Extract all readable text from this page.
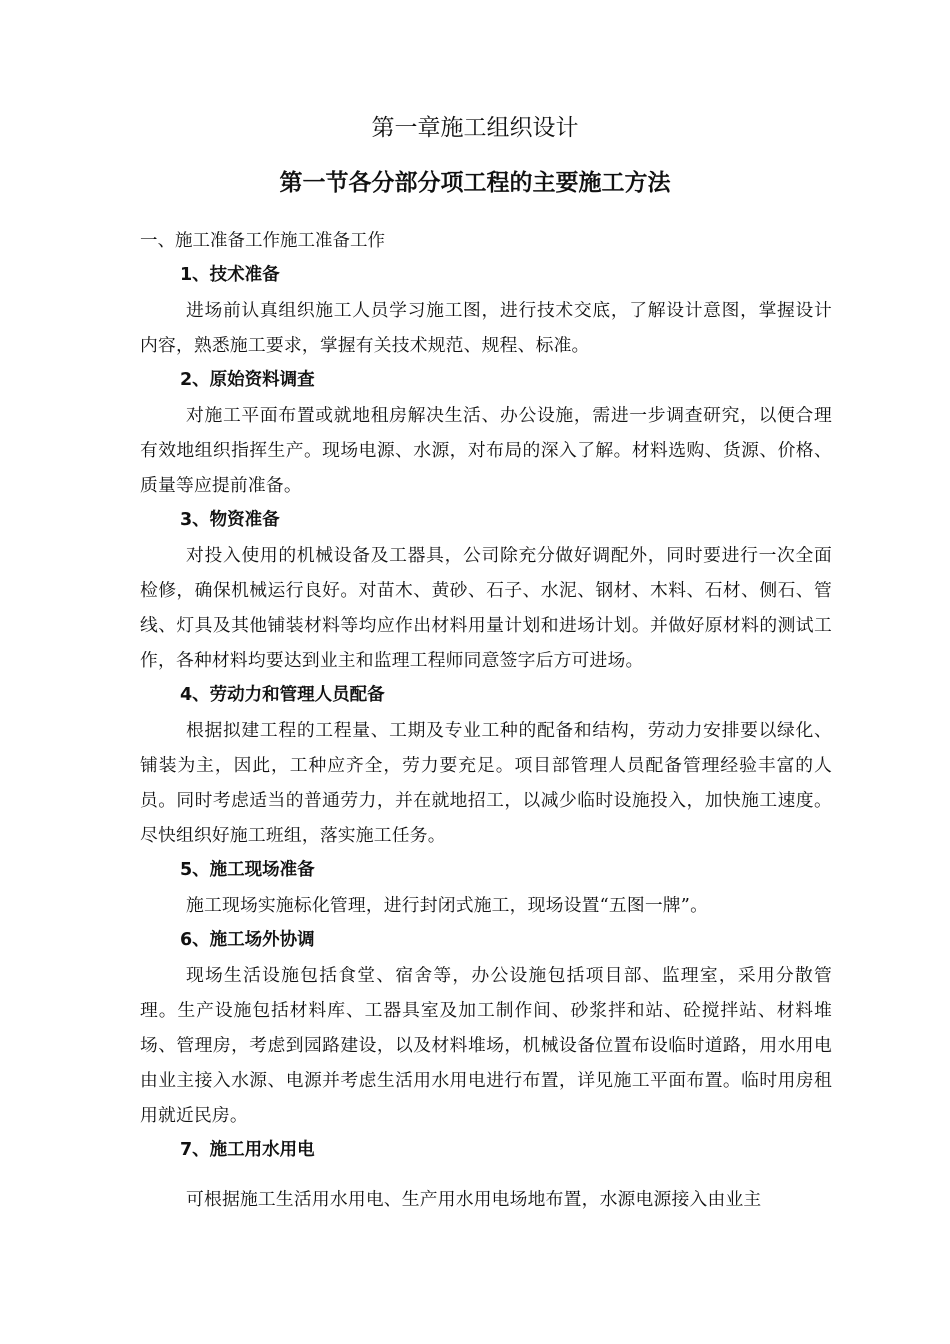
第一章施工组织设计
第一节各分部分项工程的主要施工方法

一、施工准备工作施工准备工作

1、技术准备

进场前认真组织施工人员学习施工图，进行技术交底，了解设计意图，掌握设计内容，熟悉施工要求，掌握有关技术规范、规程、标准。

2、原始资料调查

对施工平面布置或就地租房解决生活、办公设施，需进一步调查研究，以便合理有效地组织指挥生产。现场电源、水源，对布局的深入了解。材料选购、货源、价格、质量等应提前准备。

3、物资准备

对投入使用的机械设备及工器具，公司除充分做好调配外，同时要进行一次全面检修，确保机械运行良好。对苗木、黄砂、石子、水泥、钢材、木料、石材、侧石、管线、灯具及其他铺装材料等均应作出材料用量计划和进场计划。并做好原材料的测试工作，各种材料均要达到业主和监理工程师同意签字后方可进场。

4、劳动力和管理人员配备

根据拟建工程的工程量、工期及专业工种的配备和结构，劳动力安排要以绿化、铺装为主，因此，工种应齐全，劳力要充足。项目部管理人员配备管理经验丰富的人员。同时考虑适当的普通劳力，并在就地招工，以减少临时设施投入，加快施工速度。尽快组织好施工班组，落实施工任务。

5、施工现场准备

施工现场实施标化管理，进行封闭式施工，现场设置“五图一牌”。

6、施工场外协调

现场生活设施包括食堂、宿舍等，办公设施包括项目部、监理室，采用分散管理。生产设施包括材料库、工器具室及加工制作间、砂浆拌和站、砼搅拌站、材料堆场、管理房，考虑到园路建设，以及材料堆场，机械设备位置布设临时道路，用水用电由业主接入水源、电源并考虑生活用水用电进行布置，详见施工平面布置。临时用房租用就近民房。

7、施工用水用电

可根据施工生活用水用电、生产用水用电场地布置，水源电源接入由业主
